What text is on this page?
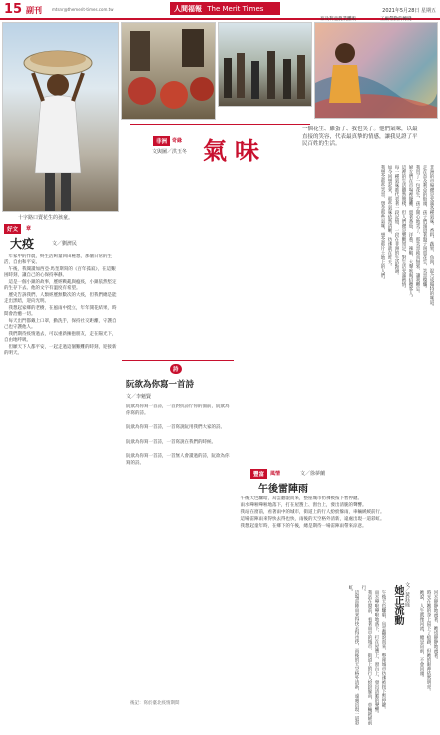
15 副刊	mtsnr@themerit-times.com.tw	人間福報 The Merit Times	2021年5月28日 星期五
十字路口賣花生的孩童。
奈及利亞農業攤販	工廠帶動的轉變
非洲 奇緣
文與圖／洪玉冬 氣味
一個花生、雞蛋了、我也笑了。他們氣味，以最直接的笑容，代表最真摯的情感，讓我見證了平民百姓的生活。
好文	章
大疫	文／劉濟民

年家中的作農，終生活夠量回田秘想，那個日常的生活，自由和平安。

午後，我閱讀加西亞·馬奎斯寫的《百年孤寂》，在這艱困時刻，讓自己的心保持寧靜。

這是一個小鎮的故事，歷經戰亂與瘟疫，小鎮依然堅定的生存下去。他的文字有溫度有希望。

歷史告訴我們，人類經歷無數次的大疫，但我們總是能走出黑暗，迎向光明。

我想起家鄉的老樹，在風雨中挺立，年年開花結果，時間會治癒一切。

每天出門都戴上口罩，勤洗手，保持社交距離，守護自己也守護他人。

我們期待疫情過去，可以重新擁抱朋友，走在陽光下，自由地呼吸。

但願天下人都平安，一起走過這個艱難的時刻，迎接新的明天。

非洲的市場總是充滿各種氣味，香料、蔬果、魚肉，混合成獨特的味道。

走在奈及利亞的街頭，孩子們頭頂著盤子叫賣花生，笑容燦爛。

我買了一包花生，孩子開心地笑了，那笑容純真無邪，讓我難忘。

婦女們在市場裡擺攤，賣著番茄、洋蔥、辣椒，大聲吆喝招攬客人。

這裡的生活雖然簡樸，但人們總是樂觀知足，對生活充滿熱情。

每一種氣味都代表著一段記憶，一段在非洲的生活點滴。

如今回想起來，那些氣味依然清晰，彷彿就在昨天。

我想念那些笑容，想念那些氣味，想念那片土地上的人們。

詩
阮欲為你寫一首詩
文／李魁賢

阮欲為你寫一首詩，一首對抗詩佇你的面前，阮欲為你寫的詩。

阮欲為你寫一首詩，一首寫說阮用我們大家的詩。

阮欲為你寫一首詩，一首寫說在我們的時候。

阮欲為你寫一首詩，一首無人會讀過的詩，阮欲為你寫的詩。

後記：寫於臺北疫情期間
豐富	風情	文／徐夢蘭
午後雷陣雨

午後天色驟暗，烏雲翻滾而來，整座城市彷彿被按下暫停鍵。

雨水嘩啦嘩啦地落下，打在屋簷上、窗台上，發出清脆的聲響。

我站在窗前，看著雨中的城市，街道上的行人紛紛躲雨，車輛緩緩前行。

這場雷陣雨來得快去得也快，雨後的天空格外清新，遠處出現一道彩虹。

我想起童年時，在鄉下的午後，總是期待一場雷陣雨帶來涼意。

午後天色驟暗，烏雲翻滾而來，整座城市彷彿被按下暫停鍵。

雨水嘩啦嘩啦地落下，打在屋簷上、窗台上，發出清脆的聲響。

我站在窗前，看著雨中的城市，街道上的行人紛紛躲雨，車輛緩緩前行。

這場雷陣雨來得快去得也快，雨後的天空格外清新，遠處出現一道彩虹。	她正流動 文／黃鈺庭	河水靜靜地流著，她也靜靜地流著。

時光在她的身上留下了痕跡，但她的眼神依然明亮。

她說，人生就像河流，總是向前，不會回頭。
